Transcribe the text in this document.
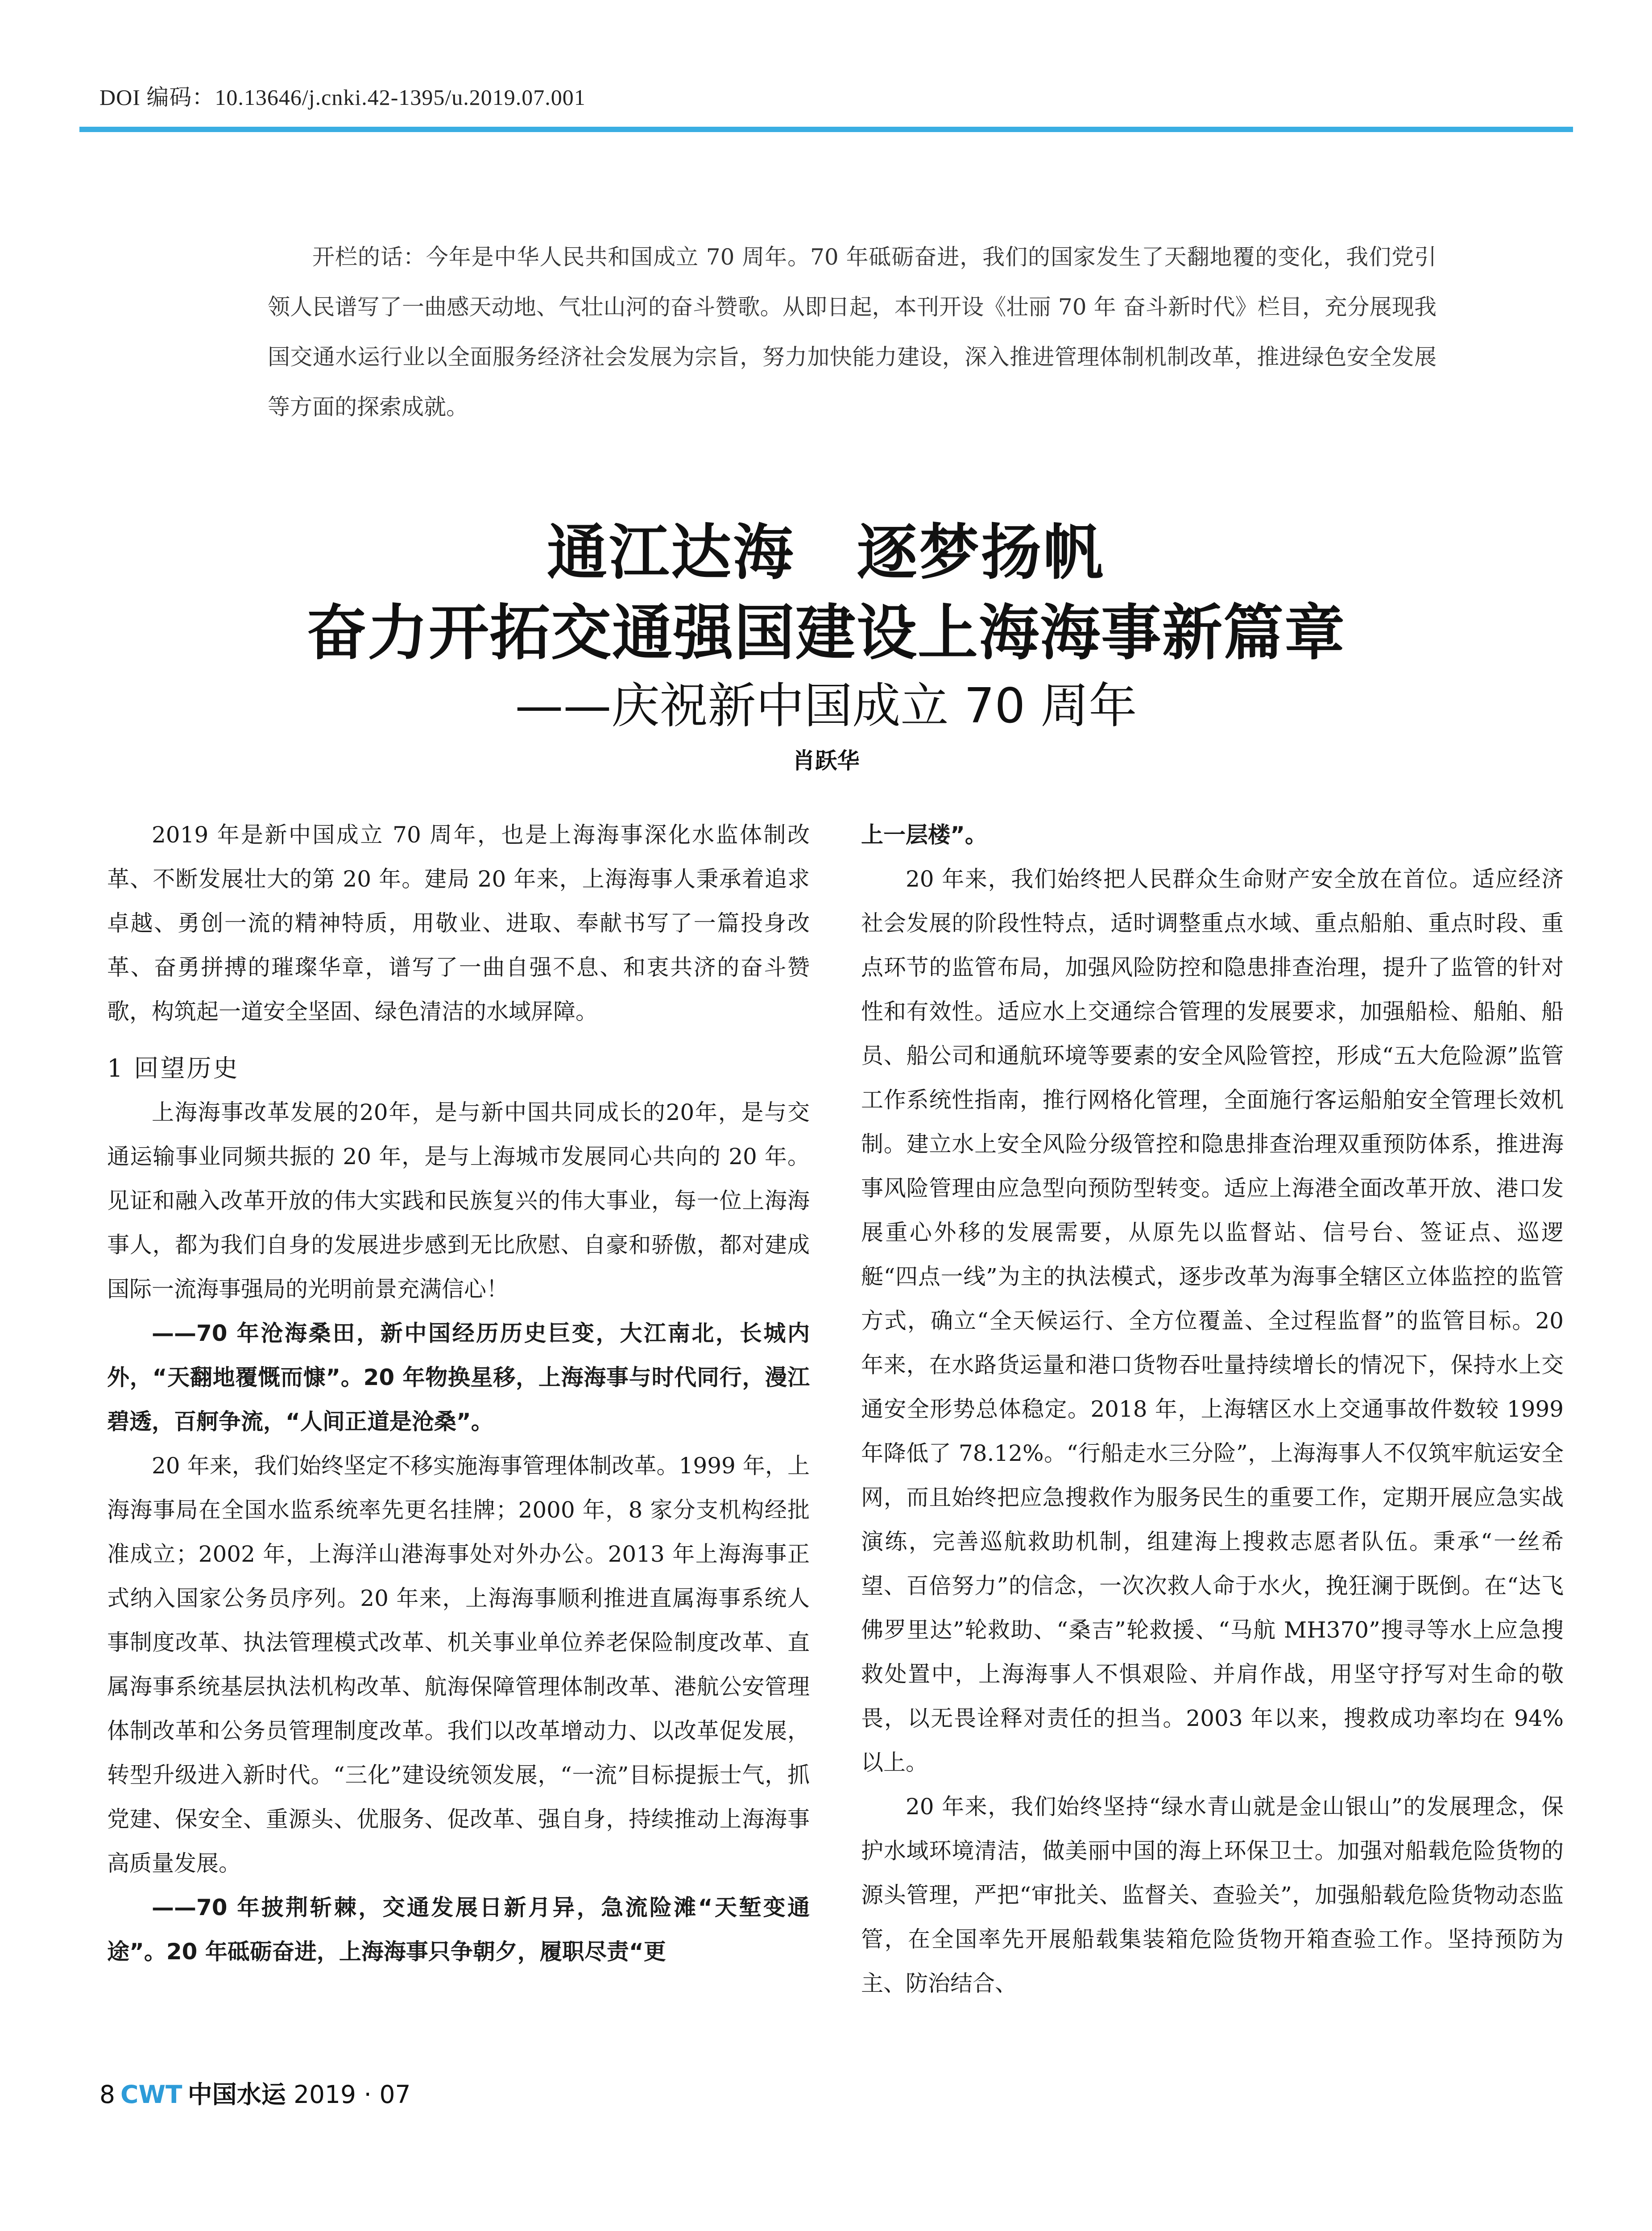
DOI 编码：10.13646/j.cnki.42-1395/u.2019.07.001

开栏的话：今年是中华人民共和国成立 70 周年。70 年砥砺奋进，我们的国家发生了天翻地覆的变化，我们党引领人民谱写了一曲感天动地、气壮山河的奋斗赞歌。从即日起，本刊开设《壮丽 70 年 奋斗新时代》栏目，充分展现我国交通水运行业以全面服务经济社会发展为宗旨，努力加快能力建设，深入推进管理体制机制改革，推进绿色安全发展等方面的探索成就。

通江达海　逐梦扬帆
奋力开拓交通强国建设上海海事新篇章
——庆祝新中国成立 70 周年
肖跃华

2019 年是新中国成立 70 周年，也是上海海事深化水监体制改革、不断发展壮大的第 20 年。建局 20 年来，上海海事人秉承着追求卓越、勇创一流的精神特质，用敬业、进取、奉献书写了一篇投身改革、奋勇拼搏的璀璨华章，谱写了一曲自强不息、和衷共济的奋斗赞歌，构筑起一道安全坚固、绿色清洁的水域屏障。

1 回望历史

上海海事改革发展的20年，是与新中国共同成长的20年，是与交通运输事业同频共振的 20 年，是与上海城市发展同心共向的 20 年。见证和融入改革开放的伟大实践和民族复兴的伟大事业，每一位上海海事人，都为我们自身的发展进步感到无比欣慰、自豪和骄傲，都对建成国际一流海事强局的光明前景充满信心！

——70 年沧海桑田，新中国经历历史巨变，大江南北，长城内外，“天翻地覆慨而慷”。20 年物换星移，上海海事与时代同行，漫江碧透，百舸争流，“人间正道是沧桑”。

20 年来，我们始终坚定不移实施海事管理体制改革。1999 年，上海海事局在全国水监系统率先更名挂牌；2000 年，8 家分支机构经批准成立；2002 年，上海洋山港海事处对外办公。2013 年上海海事正式纳入国家公务员序列。20 年来，上海海事顺利推进直属海事系统人事制度改革、执法管理模式改革、机关事业单位养老保险制度改革、直属海事系统基层执法机构改革、航海保障管理体制改革、港航公安管理体制改革和公务员管理制度改革。我们以改革增动力、以改革促发展，转型升级进入新时代。“三化”建设统领发展，“一流”目标提振士气，抓党建、保安全、重源头、优服务、促改革、强自身，持续推动上海海事高质量发展。

——70 年披荆斩棘，交通发展日新月异，急流险滩“天堑变通途”。20 年砥砺奋进，上海海事只争朝夕，履职尽责“更

上一层楼”。

20 年来，我们始终把人民群众生命财产安全放在首位。适应经济社会发展的阶段性特点，适时调整重点水域、重点船舶、重点时段、重点环节的监管布局，加强风险防控和隐患排查治理，提升了监管的针对性和有效性。适应水上交通综合管理的发展要求，加强船检、船舶、船员、船公司和通航环境等要素的安全风险管控，形成“五大危险源”监管工作系统性指南，推行网格化管理，全面施行客运船舶安全管理长效机制。建立水上安全风险分级管控和隐患排查治理双重预防体系，推进海事风险管理由应急型向预防型转变。适应上海港全面改革开放、港口发展重心外移的发展需要，从原先以监督站、信号台、签证点、巡逻艇“四点一线”为主的执法模式，逐步改革为海事全辖区立体监控的监管方式，确立“全天候运行、全方位覆盖、全过程监督”的监管目标。20 年来，在水路货运量和港口货物吞吐量持续增长的情况下，保持水上交通安全形势总体稳定。2018 年，上海辖区水上交通事故件数较 1999 年降低了 78.12%。“行船走水三分险”，上海海事人不仅筑牢航运安全网，而且始终把应急搜救作为服务民生的重要工作，定期开展应急实战演练，完善巡航救助机制，组建海上搜救志愿者队伍。秉承“一丝希望、百倍努力”的信念，一次次救人命于水火，挽狂澜于既倒。在“达飞佛罗里达”轮救助、“桑吉”轮救援、“马航 MH370”搜寻等水上应急搜救处置中，上海海事人不惧艰险、并肩作战，用坚守抒写对生命的敬畏，以无畏诠释对责任的担当。2003 年以来，搜救成功率均在 94% 以上。

20 年来，我们始终坚持“绿水青山就是金山银山”的发展理念，保护水域环境清洁，做美丽中国的海上环保卫士。加强对船载危险货物的源头管理，严把“审批关、监督关、查验关”，加强船载危险货物动态监管，在全国率先开展船载集装箱危险货物开箱查验工作。坚持预防为主、防治结合、

8 CWT 中国水运 2019 · 07
